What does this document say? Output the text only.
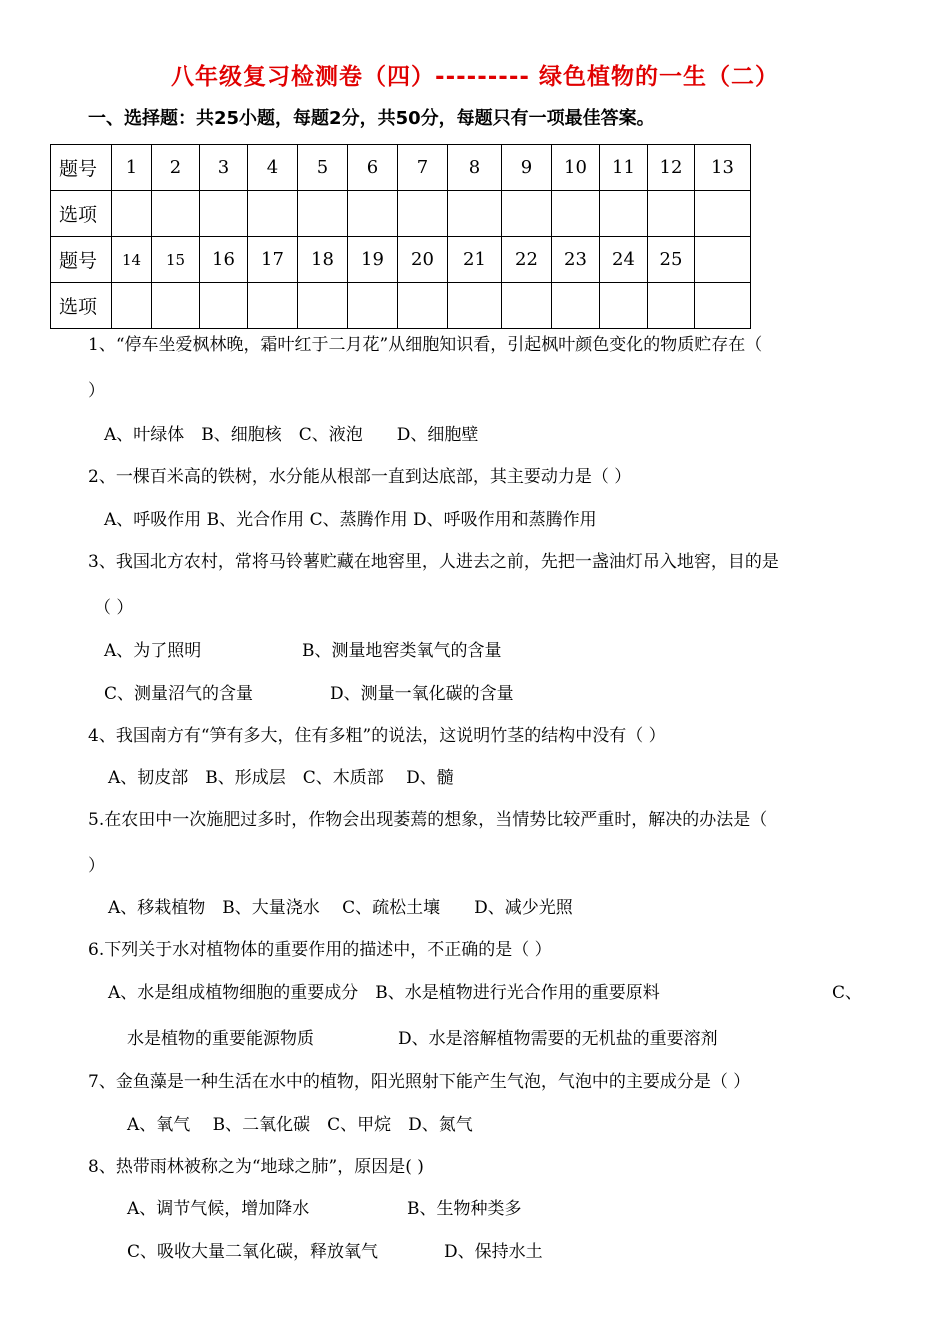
八年级复习检测卷（四）--------- 绿色植物的一生（二）
一、选择题：共25小题，每题2分，共50分，每题只有一项最佳答案。
题号	1	2	3	4	5	6	7	8	9	10	11	12	13
选项													
题号	14	15	16	17	18	19	20	21	22	23	24	25	
选项													
1、“停车坐爱枫林晚，霜叶红于二月花”从细胞知识看，引起枫叶颜色变化的物质贮存在（
）
A、叶绿体　B、细胞核　C、液泡　　D、细胞壁
2、一棵百米高的铁树，水分能从根部一直到达底部，其主要动力是（ ）
A、呼吸作用 B、光合作用 C、蒸腾作用 D、呼吸作用和蒸腾作用
3、我国北方农村，常将马铃薯贮藏在地窖里，人进去之前，先把一盏油灯吊入地窖，目的是
（ ）
A、为了照明	B、测量地窖类氧气的含量
C、测量沼气的含量	D、测量一氧化碳的含量
4、我国南方有“笋有多大，住有多粗”的说法，这说明竹茎的结构中没有（ ）
A、韧皮部　B、形成层　C、木质部　 D、髓
5.在农田中一次施肥过多时，作物会出现萎蔫的想象，当情势比较严重时，解决的办法是（
）
A、移栽植物　B、大量浇水　 C、疏松土壤　　D、减少光照
6.下列关于水对植物体的重要作用的描述中，不正确的是（ ）
A、水是组成植物细胞的重要成分　B、水是植物进行光合作用的重要原料	C、
水是植物的重要能源物质	D、水是溶解植物需要的无机盐的重要溶剂
7、金鱼藻是一种生活在水中的植物，阳光照射下能产生气泡，气泡中的主要成分是（ ）
A、氧气　 B、二氧化碳　C、甲烷　D、氮气
8、热带雨林被称之为“地球之肺”，原因是( )
A、调节气候，增加降水	B、生物种类多
C、吸收大量二氧化碳，释放氧气	D、保持水土
